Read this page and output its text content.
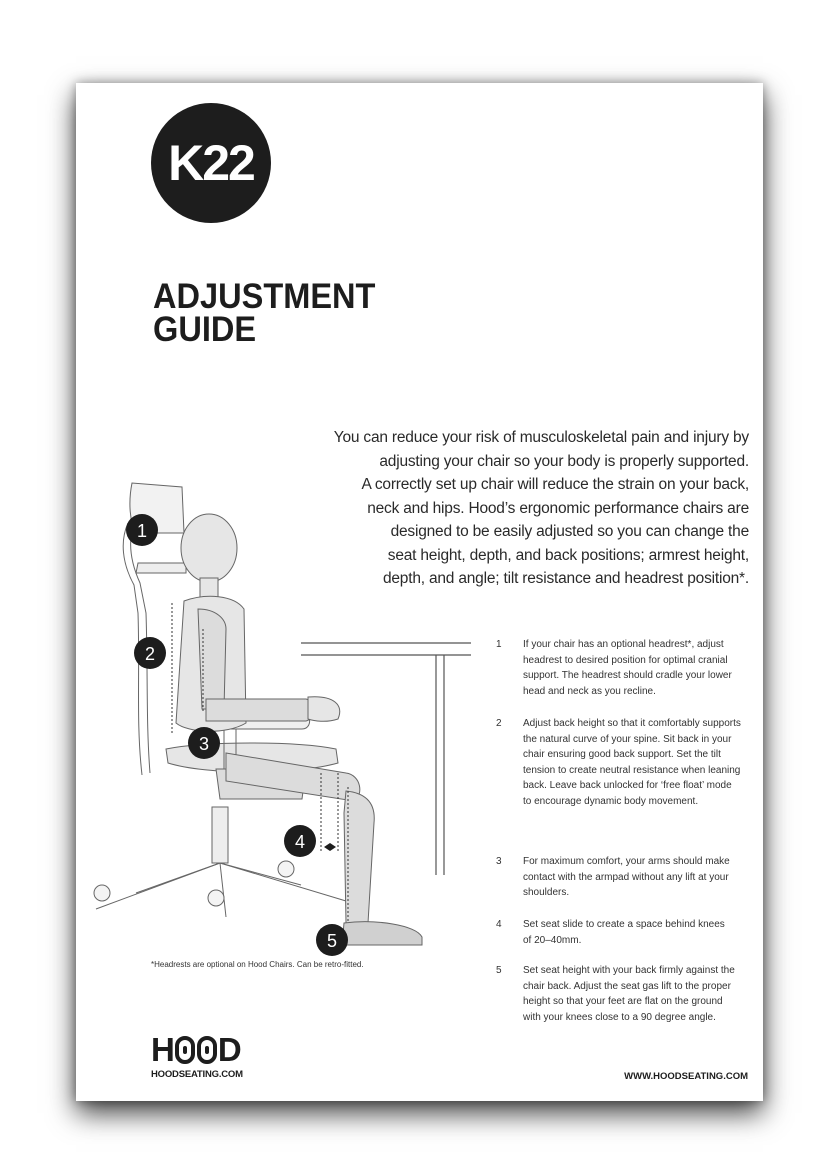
K22
ADJUSTMENT
GUIDE
You can reduce your risk of musculoskeletal pain and injury by
adjusting your chair so your body is properly supported.
A correctly set up chair will reduce the strain on your back,
neck and hips. Hood’s ergonomic performance chairs are
designed to be easily adjusted so you can change the
seat height, depth, and back positions; armrest height,
depth, and angle; tilt resistance and headrest position*.
1
2
3
4
5
1	If your chair has an optional headrest*, adjust
headrest to desired position for optimal cranial
support. The headrest should cradle your lower
head and neck as you recline.
2	Adjust back height so that it comfortably supports
the natural curve of your spine. Sit back in your
chair ensuring good back support. Set the tilt
tension to create neutral resistance when leaning
back. Leave back unlocked for ‘free float’ mode
to encourage dynamic body movement.
3	For maximum comfort, your arms should make
contact with the armpad without any lift at your
shoulders.
4	Set seat slide to create a space behind knees
of 20–40mm.
5	Set seat height with your back firmly against the
chair back. Adjust the seat gas lift to the proper
height so that your feet are flat on the ground
with your knees close to a 90 degree angle.
*Headrests are optional on Hood Chairs. Can be retro-fitted.
H D
HOODSEATING.COM	WWW.HOODSEATING.COM
